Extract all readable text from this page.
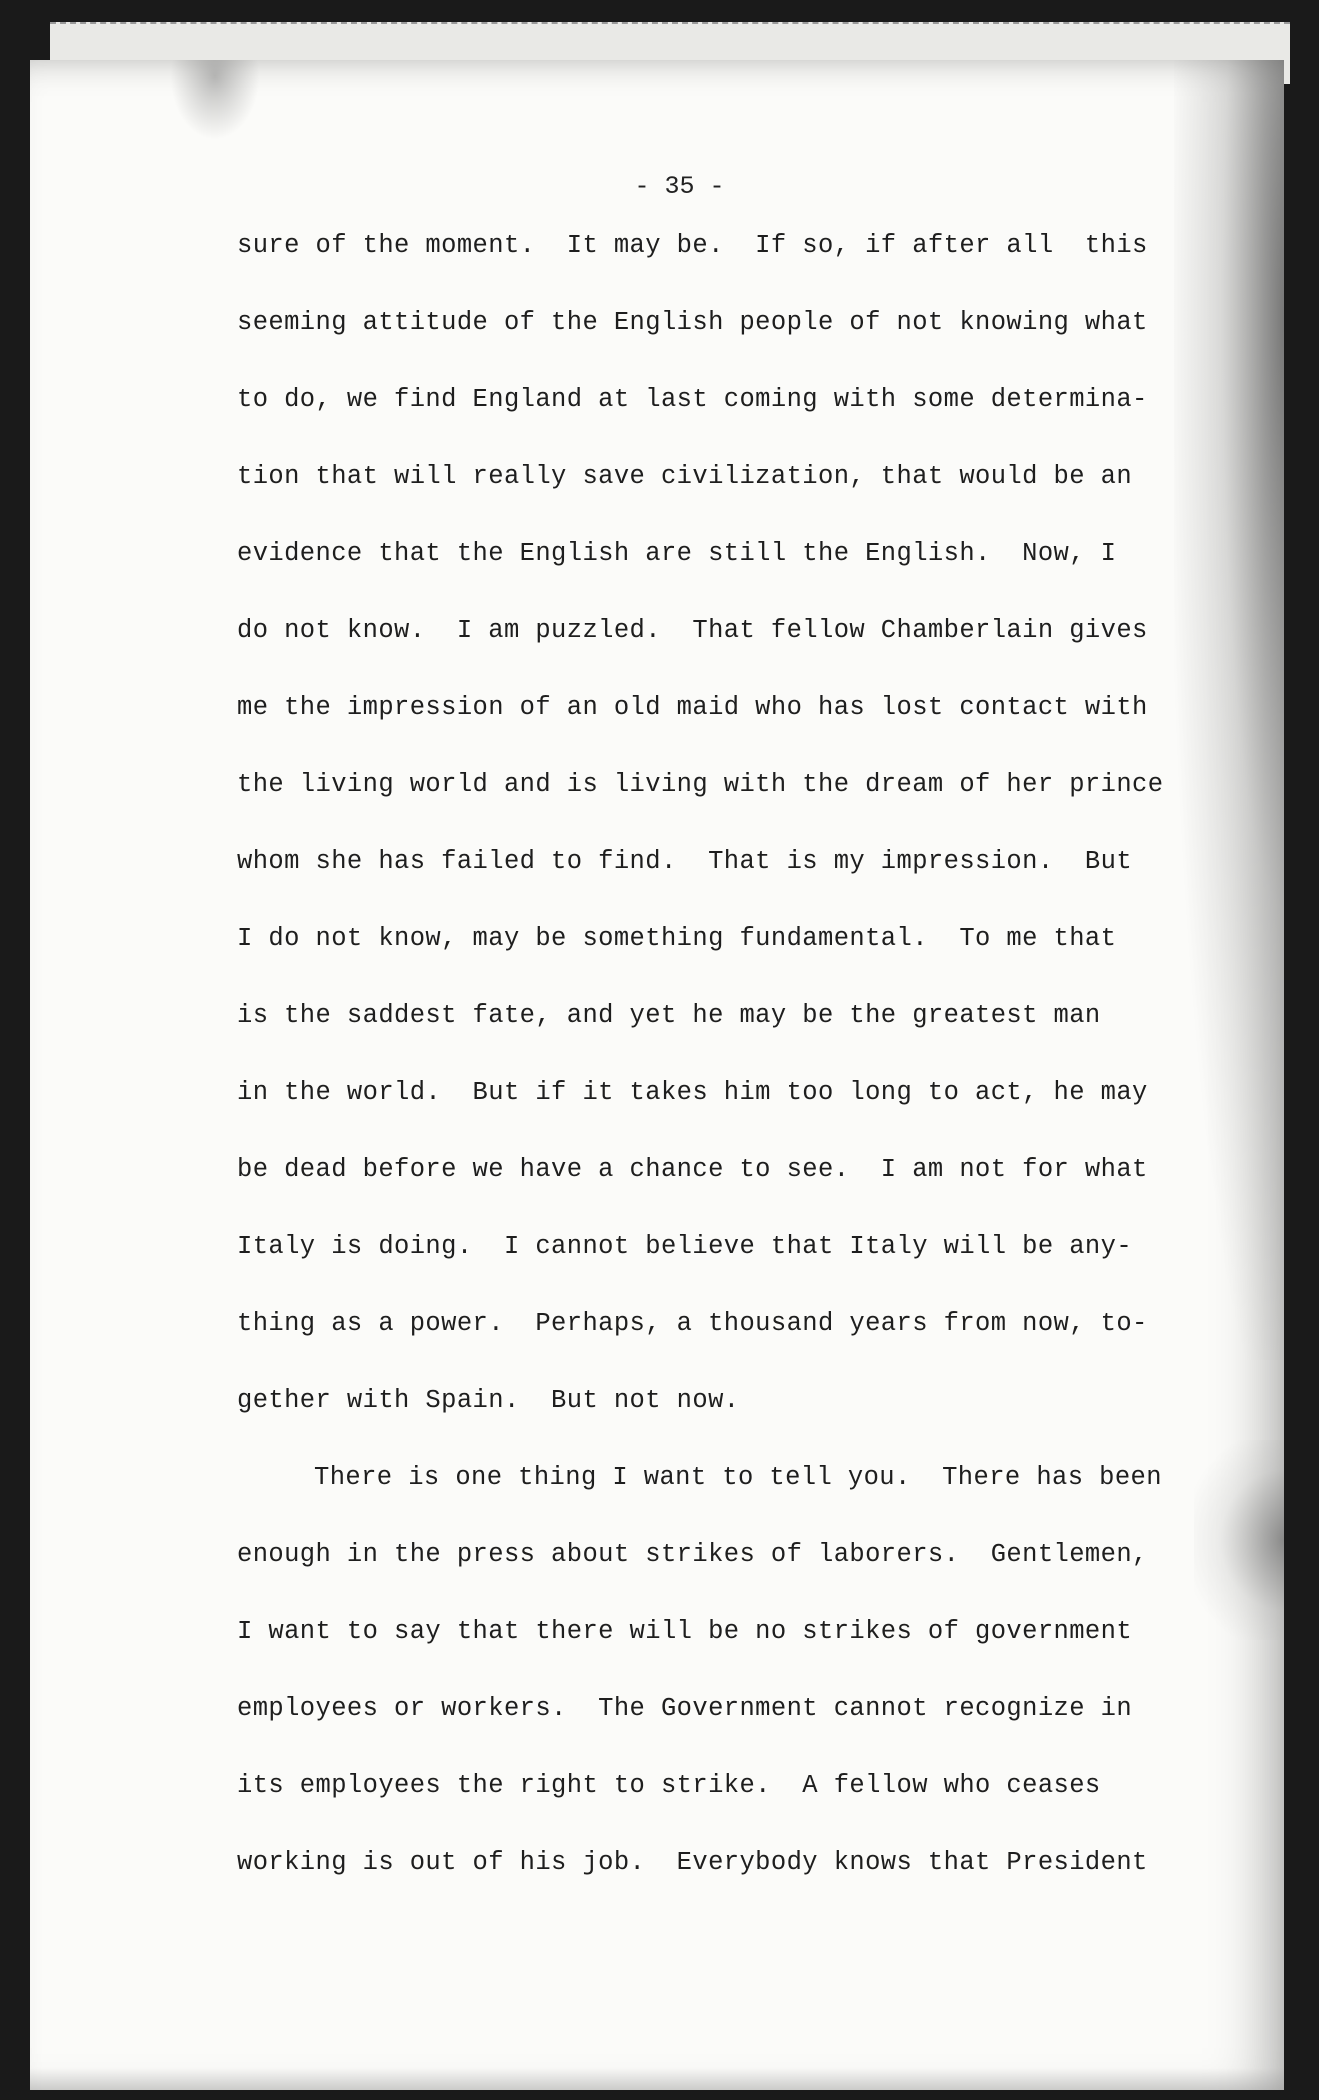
- 35 -
sure of the moment.  It may be.  If so, if after all  this
seeming attitude of the English people of not knowing what
to do, we find England at last coming with some determina-
tion that will really save civilization, that would be an
evidence that the English are still the English.  Now, I
do not know.  I am puzzled.  That fellow Chamberlain gives
me the impression of an old maid who has lost contact with
the living world and is living with the dream of her prince
whom she has failed to find.  That is my impression.  But
I do not know, may be something fundamental.  To me that
is the saddest fate, and yet he may be the greatest man
in the world.  But if it takes him too long to act, he may
be dead before we have a chance to see.  I am not for what
Italy is doing.  I cannot believe that Italy will be any-
thing as a power.  Perhaps, a thousand years from now, to-
gether with Spain.  But not now.
There is one thing I want to tell you.  There has been
enough in the press about strikes of laborers.  Gentlemen,
I want to say that there will be no strikes of government
employees or workers.  The Government cannot recognize in
its employees the right to strike.  A fellow who ceases
working is out of his job.  Everybody knows that President
